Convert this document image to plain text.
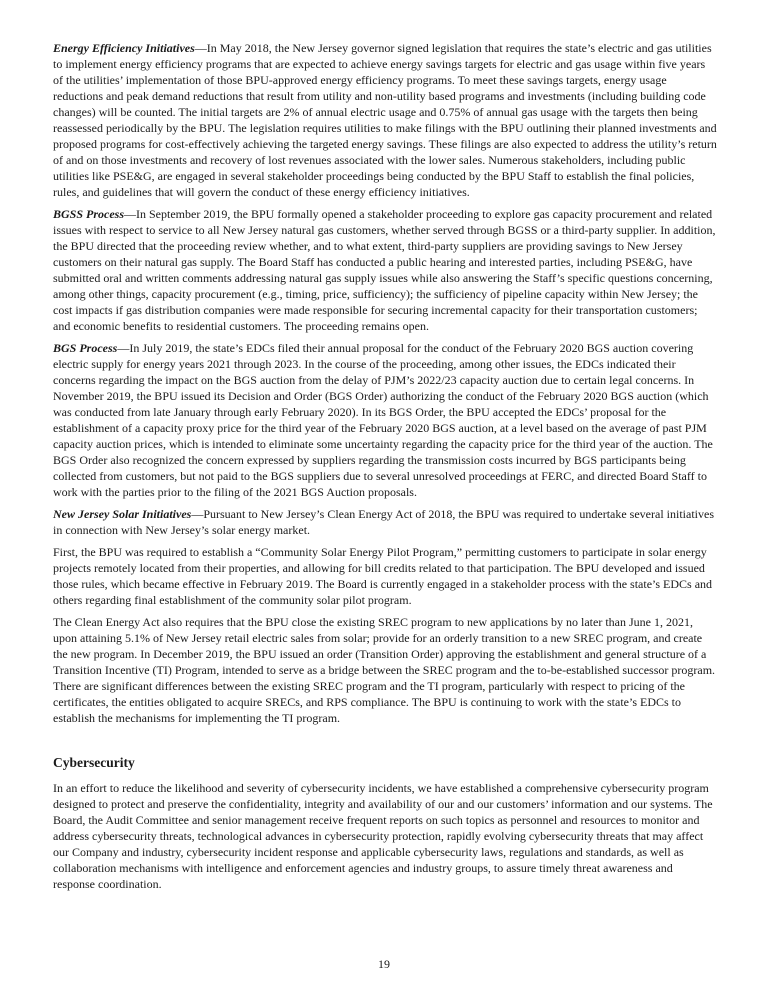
Energy Efficiency Initiatives—In May 2018, the New Jersey governor signed legislation that requires the state’s electric and gas utilities to implement energy efficiency programs that are expected to achieve energy savings targets for electric and gas usage within five years of the utilities’ implementation of those BPU-approved energy efficiency programs. To meet these savings targets, energy usage reductions and peak demand reductions that result from utility and non-utility based programs and investments (including building code changes) will be counted. The initial targets are 2% of annual electric usage and 0.75% of annual gas usage with the targets then being reassessed periodically by the BPU. The legislation requires utilities to make filings with the BPU outlining their planned investments and proposed programs for cost-effectively achieving the targeted energy savings. These filings are also expected to address the utility’s return of and on those investments and recovery of lost revenues associated with the lower sales. Numerous stakeholders, including public utilities like PSE&G, are engaged in several stakeholder proceedings being conducted by the BPU Staff to establish the final policies, rules, and guidelines that will govern the conduct of these energy efficiency initiatives.

BGSS Process—In September 2019, the BPU formally opened a stakeholder proceeding to explore gas capacity procurement and related issues with respect to service to all New Jersey natural gas customers, whether served through BGSS or a third-party supplier. In addition, the BPU directed that the proceeding review whether, and to what extent, third-party suppliers are providing savings to New Jersey customers on their natural gas supply. The Board Staff has conducted a public hearing and interested parties, including PSE&G, have submitted oral and written comments addressing natural gas supply issues while also answering the Staff’s specific questions concerning, among other things, capacity procurement (e.g., timing, price, sufficiency); the sufficiency of pipeline capacity within New Jersey; the cost impacts if gas distribution companies were made responsible for securing incremental capacity for their transportation customers; and economic benefits to residential customers. The proceeding remains open.

BGS Process—In July 2019, the state’s EDCs filed their annual proposal for the conduct of the February 2020 BGS auction covering electric supply for energy years 2021 through 2023. In the course of the proceeding, among other issues, the EDCs indicated their concerns regarding the impact on the BGS auction from the delay of PJM’s 2022/23 capacity auction due to certain legal concerns. In November 2019, the BPU issued its Decision and Order (BGS Order) authorizing the conduct of the February 2020 BGS auction (which was conducted from late January through early February 2020). In its BGS Order, the BPU accepted the EDCs’ proposal for the establishment of a capacity proxy price for the third year of the February 2020 BGS auction, at a level based on the average of past PJM capacity auction prices, which is intended to eliminate some uncertainty regarding the capacity price for the third year of the auction. The BGS Order also recognized the concern expressed by suppliers regarding the transmission costs incurred by BGS participants being collected from customers, but not paid to the BGS suppliers due to several unresolved proceedings at FERC, and directed Board Staff to work with the parties prior to the filing of the 2021 BGS Auction proposals.

New Jersey Solar Initiatives—Pursuant to New Jersey’s Clean Energy Act of 2018, the BPU was required to undertake several initiatives in connection with New Jersey’s solar energy market.

First, the BPU was required to establish a “Community Solar Energy Pilot Program,” permitting customers to participate in solar energy projects remotely located from their properties, and allowing for bill credits related to that participation. The BPU developed and issued those rules, which became effective in February 2019. The Board is currently engaged in a stakeholder process with the state’s EDCs and others regarding final establishment of the community solar pilot program.

The Clean Energy Act also requires that the BPU close the existing SREC program to new applications by no later than June 1, 2021, upon attaining 5.1% of New Jersey retail electric sales from solar; provide for an orderly transition to a new SREC program, and create the new program. In December 2019, the BPU issued an order (Transition Order) approving the establishment and general structure of a Transition Incentive (TI) Program, intended to serve as a bridge between the SREC program and the to-be-established successor program. There are significant differences between the existing SREC program and the TI program, particularly with respect to pricing of the certificates, the entities obligated to acquire SRECs, and RPS compliance. The BPU is continuing to work with the state’s EDCs to establish the mechanisms for implementing the TI program.

Cybersecurity

In an effort to reduce the likelihood and severity of cybersecurity incidents, we have established a comprehensive cybersecurity program designed to protect and preserve the confidentiality, integrity and availability of our and our customers’ information and our systems. The Board, the Audit Committee and senior management receive frequent reports on such topics as personnel and resources to monitor and address cybersecurity threats, technological advances in cybersecurity protection, rapidly evolving cybersecurity threats that may affect our Company and industry, cybersecurity incident response and applicable cybersecurity laws, regulations and standards, as well as collaboration mechanisms with intelligence and enforcement agencies and industry groups, to assure timely threat awareness and response coordination.

19
